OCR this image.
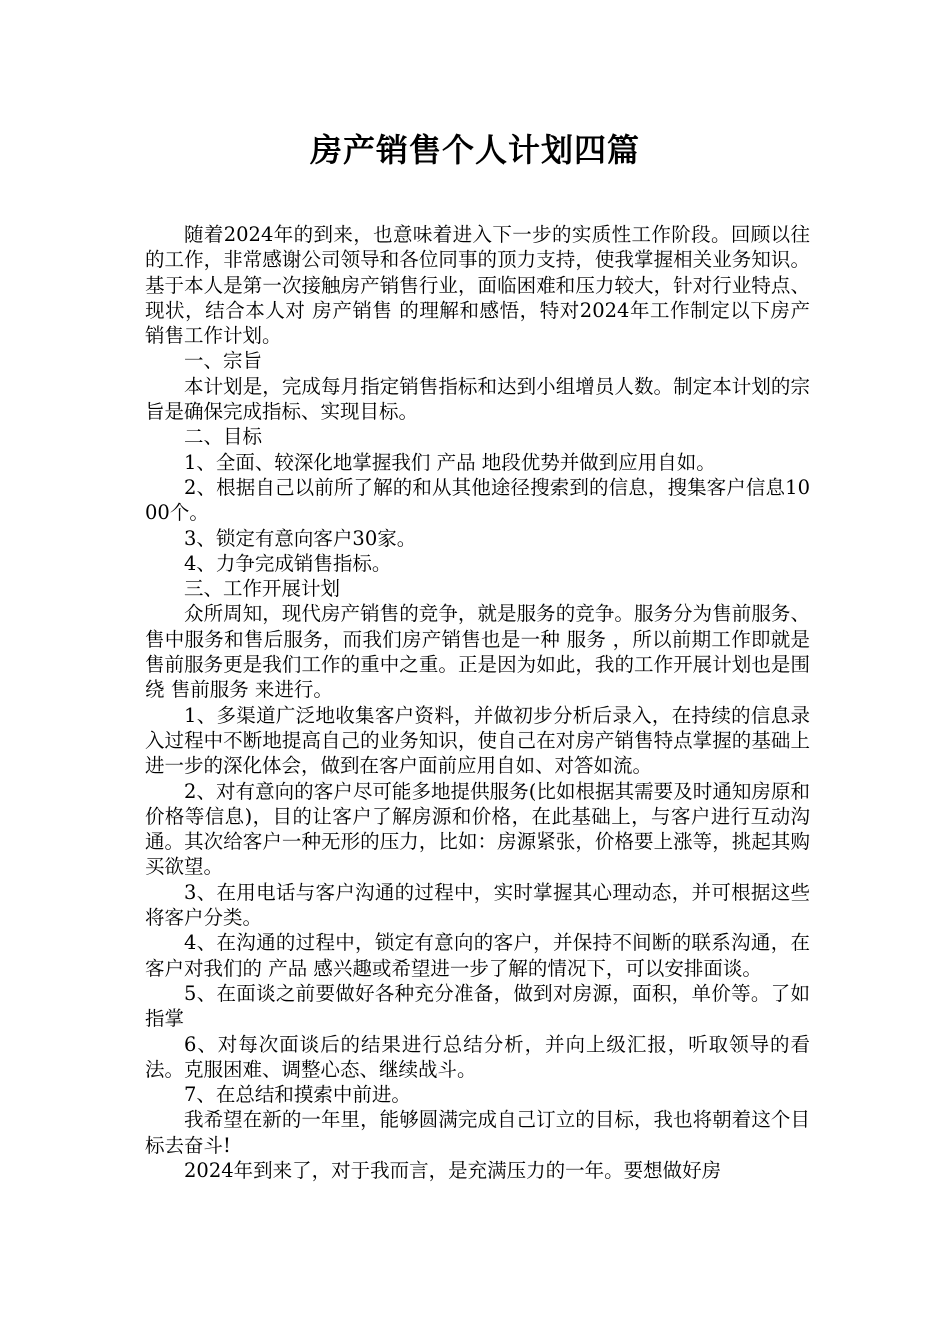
房产销售个人计划四篇

随着2024年的到来，也意味着进入下一步的实质性工作阶段。回顾以往的工作，非常感谢公司领导和各位同事的顶力支持，使我掌握相关业务知识。基于本人是第一次接触房产销售行业，面临困难和压力较大，针对行业特点、现状，结合本人对 房产销售 的理解和感悟，特对2024年工作制定以下房产销售工作计划。

一、宗旨

本计划是，完成每月指定销售指标和达到小组增员人数。制定本计划的宗旨是确保完成指标、实现目标。

二、目标

1、全面、较深化地掌握我们 产品 地段优势并做到应用自如。

2、根据自己以前所了解的和从其他途径搜索到的信息，搜集客户信息1000个。

3、锁定有意向客户30家。

4、力争完成销售指标。

三、工作开展计划

众所周知，现代房产销售的竞争，就是服务的竞争。服务分为售前服务、售中服务和售后服务，而我们房产销售也是一种 服务 ，所以前期工作即就是售前服务更是我们工作的重中之重。正是因为如此，我的工作开展计划也是围绕 售前服务 来进行。

1、多渠道广泛地收集客户资料，并做初步分析后录入，在持续的信息录入过程中不断地提高自己的业务知识，使自己在对房产销售特点掌握的基础上进一步的深化体会，做到在客户面前应用自如、对答如流。

2、对有意向的客户尽可能多地提供服务(比如根据其需要及时通知房原和价格等信息)，目的让客户了解房源和价格，在此基础上，与客户进行互动沟通。其次给客户一种无形的压力，比如：房源紧张，价格要上涨等，挑起其购买欲望。

3、在用电话与客户沟通的过程中，实时掌握其心理动态，并可根据这些将客户分类。

4、在沟通的过程中，锁定有意向的客户，并保持不间断的联系沟通，在客户对我们的 产品 感兴趣或希望进一步了解的情况下，可以安排面谈。

5、在面谈之前要做好各种充分准备，做到对房源，面积，单价等。了如指掌

6、对每次面谈后的结果进行总结分析，并向上级汇报，听取领导的看法。克服困难、调整心态、继续战斗。

7、在总结和摸索中前进。

我希望在新的一年里，能够圆满完成自己订立的目标，我也将朝着这个目标去奋斗!

2024年到来了，对于我而言，是充满压力的一年。要想做好房
